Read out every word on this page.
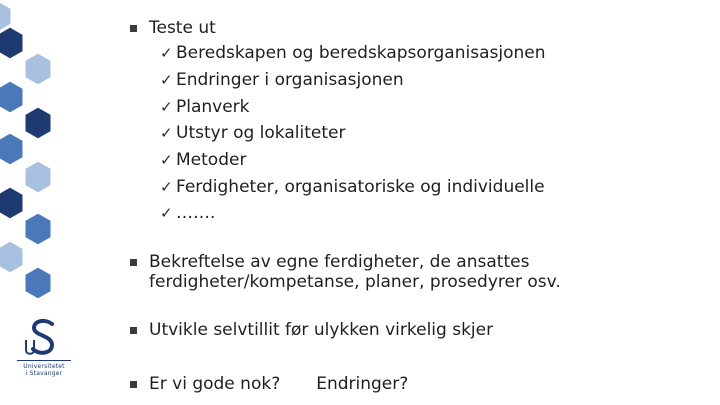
Universitetet
i Stavanger
Teste ut
✓ Beredskapen og beredskapsorganisasjonen
✓ Endringer i organisasjonen
✓ Planverk
✓ Utstyr og lokaliteter
✓ Metoder
✓ Ferdigheter, organisatoriske og individuelle
✓ …….
Bekreftelse av egne ferdigheter, de ansattes
ferdigheter/kompetanse, planer, prosedyrer osv.
Utvikle selvtillit før ulykken virkelig skjer
Er vi gode nok? Endringer?
